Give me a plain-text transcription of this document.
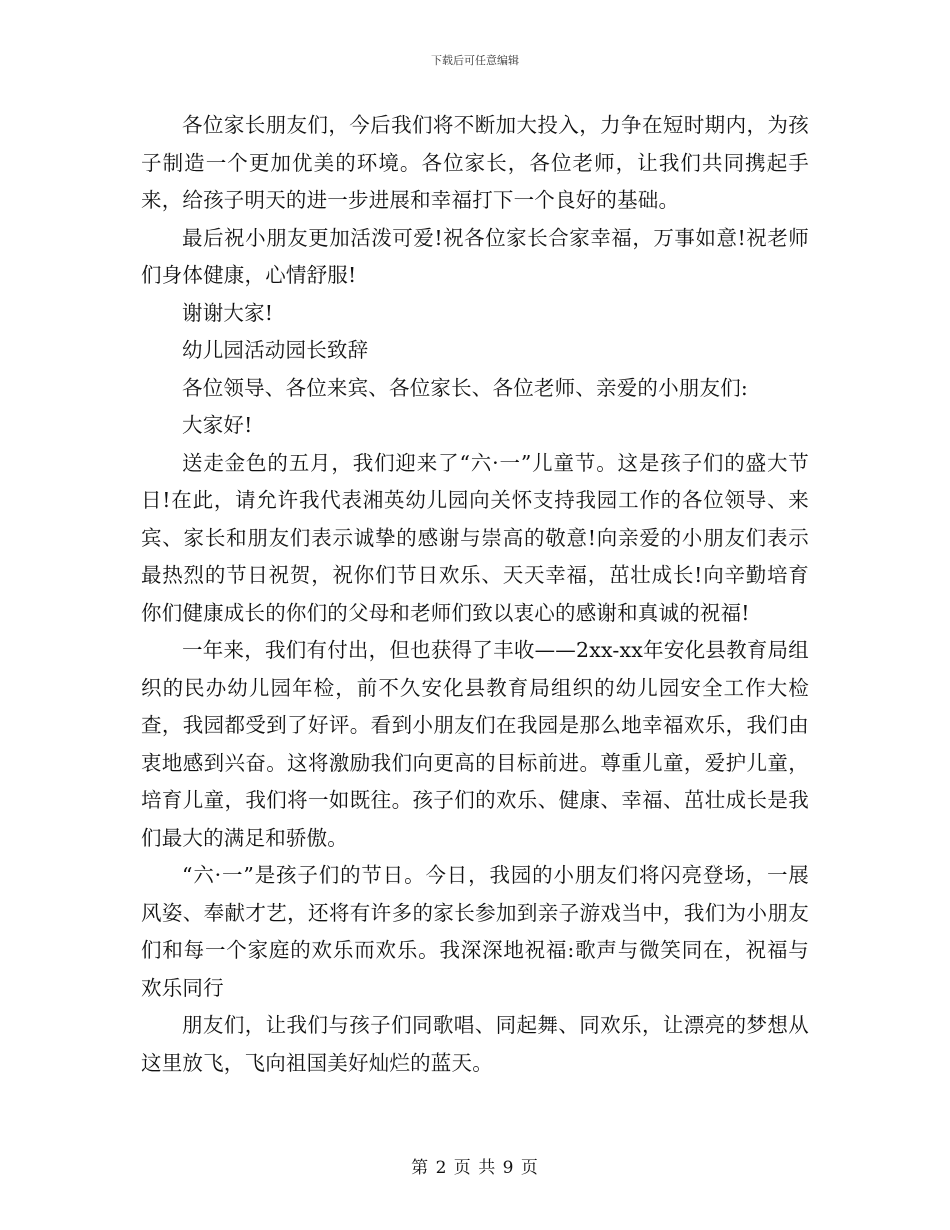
下载后可任意编辑

各位家长朋友们，今后我们将不断加大投入，力争在短时期内，为孩子制造一个更加优美的环境。各位家长，各位老师，让我们共同携起手来，给孩子明天的进一步进展和幸福打下一个良好的基础。

最后祝小朋友更加活泼可爱!祝各位家长合家幸福，万事如意!祝老师们身体健康，心情舒服!

谢谢大家!

幼儿园活动园长致辞

各位领导、各位来宾、各位家长、各位老师、亲爱的小朋友们:

大家好!

送走金色的五月，我们迎来了“六·一”儿童节。这是孩子们的盛大节日!在此，请允许我代表湘英幼儿园向关怀支持我园工作的各位领导、来宾、家长和朋友们表示诚挚的感谢与崇高的敬意!向亲爱的小朋友们表示最热烈的节日祝贺，祝你们节日欢乐、天天幸福，茁壮成长!向辛勤培育你们健康成长的你们的父母和老师们致以衷心的感谢和真诚的祝福!

一年来，我们有付出，但也获得了丰收——2xx-xx年安化县教育局组织的民办幼儿园年检，前不久安化县教育局组织的幼儿园安全工作大检查，我园都受到了好评。看到小朋友们在我园是那么地幸福欢乐，我们由衷地感到兴奋。这将激励我们向更高的目标前进。尊重儿童，爱护儿童，培育儿童，我们将一如既往。孩子们的欢乐、健康、幸福、茁壮成长是我们最大的满足和骄傲。

“六·一”是孩子们的节日。今日，我园的小朋友们将闪亮登场，一展风姿、奉献才艺，还将有许多的家长参加到亲子游戏当中，我们为小朋友们和每一个家庭的欢乐而欢乐。我深深地祝福:歌声与微笑同在，祝福与欢乐同行

朋友们，让我们与孩子们同歌唱、同起舞、同欢乐，让漂亮的梦想从这里放飞，飞向祖国美好灿烂的蓝天。

第 2 页 共 9 页
